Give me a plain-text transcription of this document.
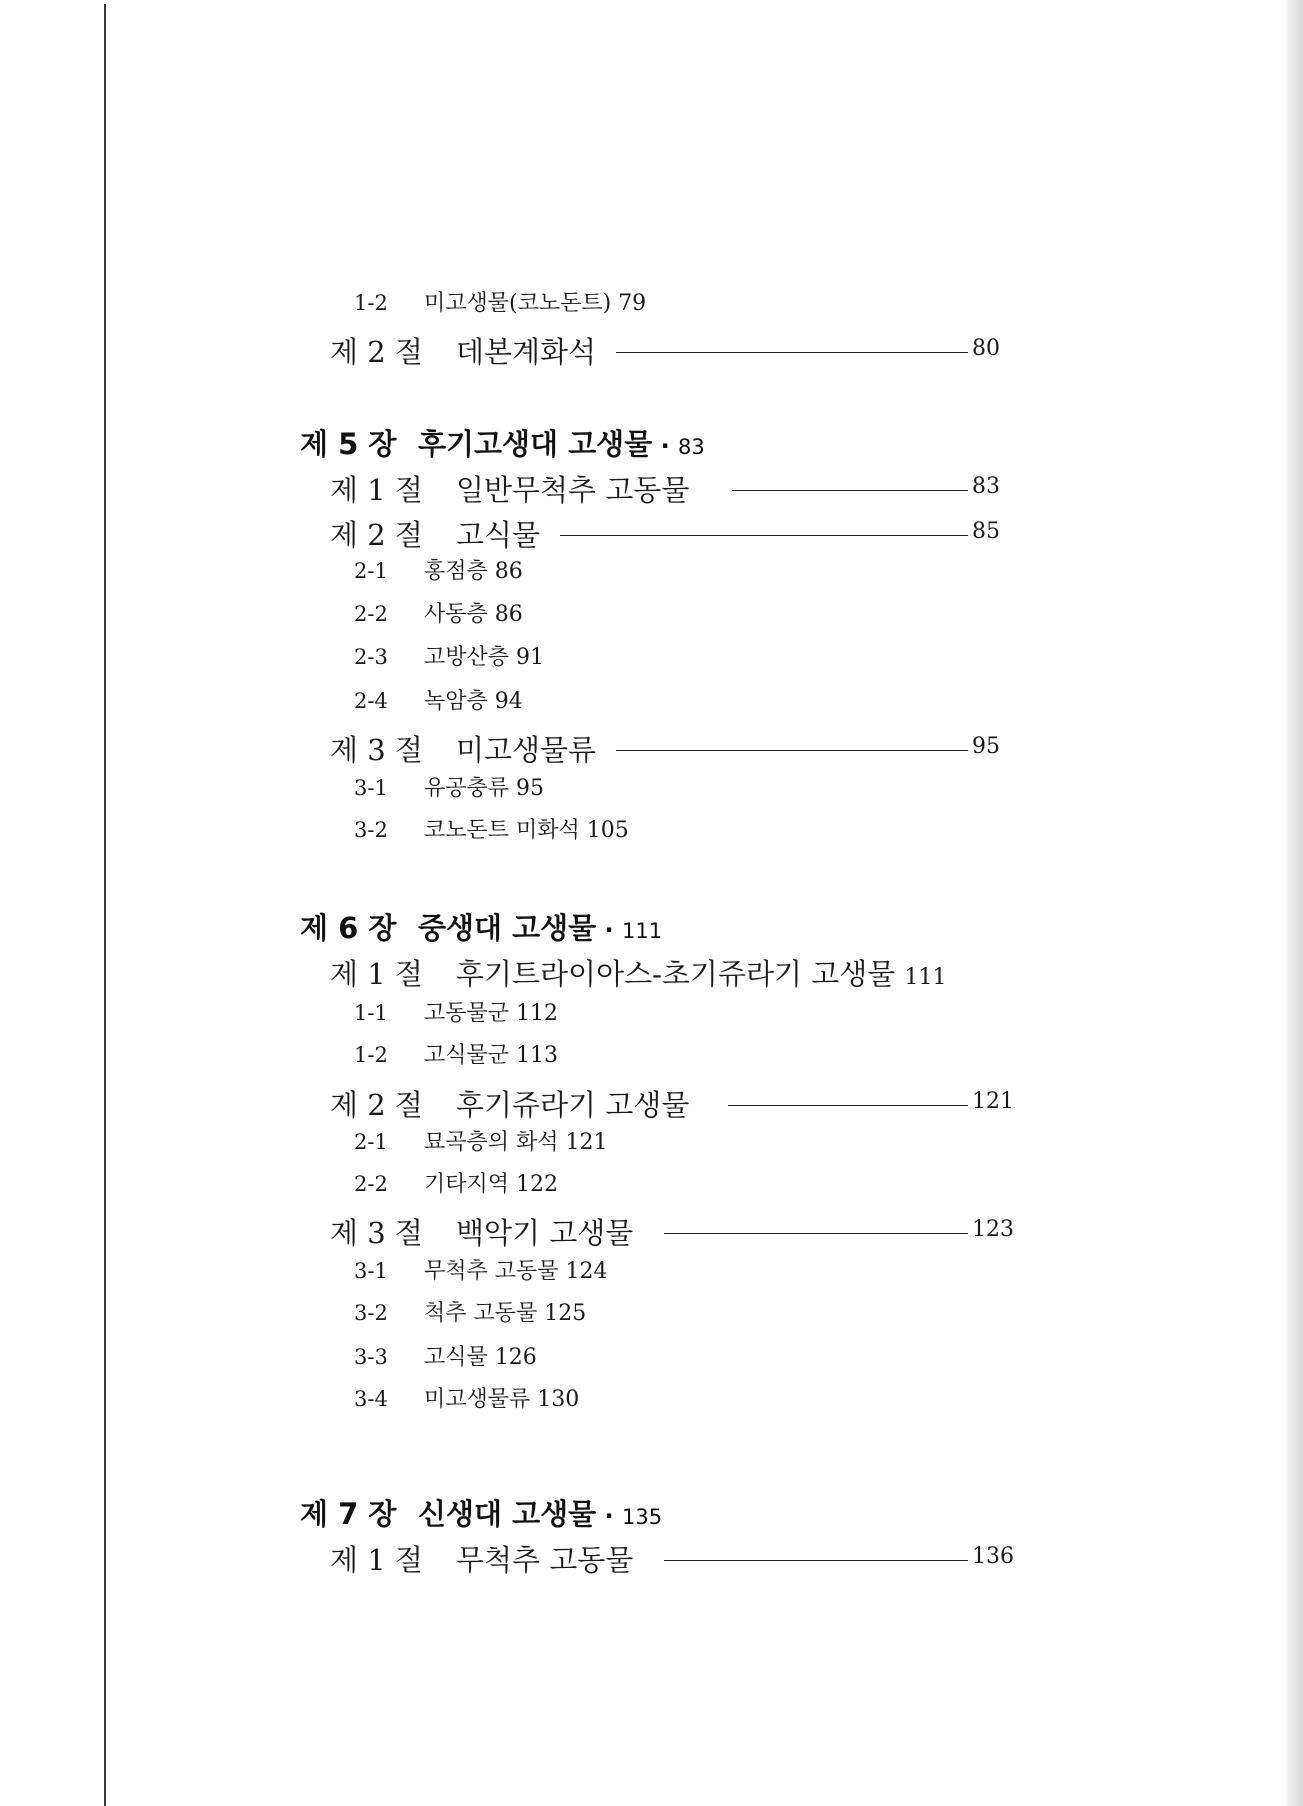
1-2 미고생물(코노돈트) 79
제 2 절 데본계화석	80
제 5 장 후기고생대 고생물 · 83
제 1 절 일반무척추 고동물	83
제 2 절 고식물	85
2-1 홍점층 86
2-2 사동층 86
2-3 고방산층 91
2-4 녹암층 94
제 3 절 미고생물류	95
3-1 유공충류 95
3-2 코노돈트 미화석 105
제 6 장 중생대 고생물 · 111
제 1 절 후기트라이아스-초기쥬라기 고생물 111
1-1 고동물군 112
1-2 고식물군 113
제 2 절 후기쥬라기 고생물	121
2-1 묘곡층의 화석 121
2-2 기타지역 122
제 3 절 백악기 고생물	123
3-1 무척추 고동물 124
3-2 척추 고동물 125
3-3 고식물 126
3-4 미고생물류 130
제 7 장 신생대 고생물 · 135
제 1 절 무척추 고동물	136
